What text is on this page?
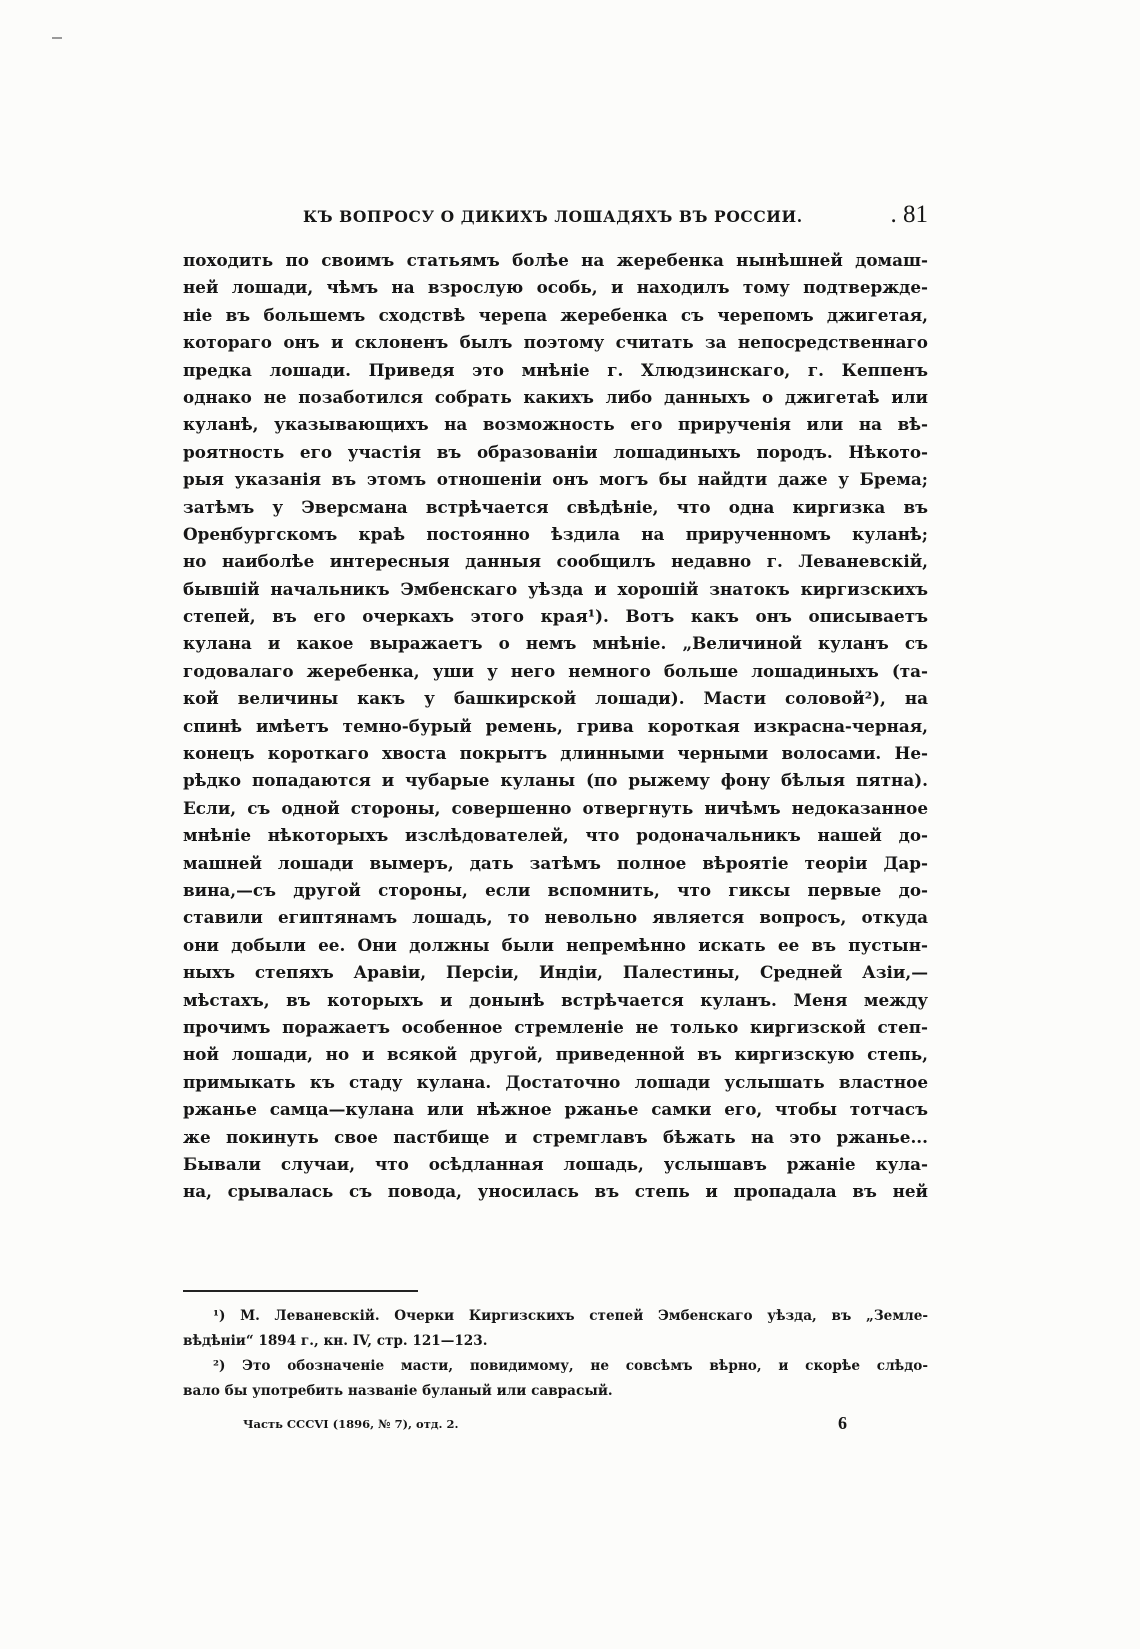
КЪ ВОПРОСУ О ДИКИХЪ ЛОШАДЯХЪ ВЪ РОССИИ.	. 81
походить по своимъ статьямъ болѣе на жеребенка нынѣшней домаш-
ней лошади, чѣмъ на взрослую особь, и находилъ тому подтвержде-
ніе въ большемъ сходствѣ черепа жеребенка съ черепомъ джигетая,
котораго онъ и склоненъ былъ поэтому считать за непосредственнаго
предка лошади. Приведя это мнѣніе г. Хлюдзинскаго, г. Кеппенъ
однако не позаботился собрать какихъ либо данныхъ о джигетаѣ или
куланѣ, указывающихъ на возможность его прирученія или на вѣ-
роятность его участія въ образованіи лошадиныхъ породъ. Нѣкото-
рыя указанія въ этомъ отношеніи онъ могъ бы найдти даже у Брема;
затѣмъ у Эверсмана встрѣчается свѣдѣніе, что одна киргизка въ
Оренбургскомъ краѣ постоянно ѣздила на прирученномъ куланѣ;
но наиболѣе интересныя данныя сообщилъ недавно г. Леваневскій,
бывшій начальникъ Эмбенскаго уѣзда и хорошій знатокъ киргизскихъ
степей, въ его очеркахъ этого края¹). Вотъ какъ онъ описываетъ
кулана и какое выражаетъ о немъ мнѣніе. „Величиной куланъ съ
годовалаго жеребенка, уши у него немного больше лошадиныхъ (та-
кой величины какъ у башкирской лошади). Масти соловой²), на
спинѣ имѣетъ темно-бурый ремень, грива короткая изкрасна-черная,
конецъ короткаго хвоста покрытъ длинными черными волосами. Не-
рѣдко попадаются и чубарые куланы (по рыжему фону бѣлыя пятна).
Если, съ одной стороны, совершенно отвергнуть ничѣмъ недоказанное
мнѣніе нѣкоторыхъ изслѣдователей, что родоначальникъ нашей до-
машней лошади вымеръ, дать затѣмъ полное вѣроятіе теоріи Дар-
вина,—съ другой стороны, если вспомнить, что гиксы первые до-
ставили египтянамъ лошадь, то невольно является вопросъ, откуда
они добыли ее. Они должны были непремѣнно искать ее въ пустын-
ныхъ степяхъ Аравіи, Персіи, Индіи, Палестины, Средней Азіи,—
мѣстахъ, въ которыхъ и донынѣ встрѣчается куланъ. Меня между
прочимъ поражаетъ особенное стремленіе не только киргизской степ-
ной лошади, но и всякой другой, приведенной въ киргизскую степь,
примыкать къ стаду кулана. Достаточно лошади услышать властное
ржанье самца—кулана или нѣжное ржанье самки его, чтобы тотчасъ
же покинуть свое пастбище и стремглавъ бѣжать на это ржанье...
Бывали случаи, что осѣдланная лошадь, услышавъ ржаніе кула-
на, срывалась съ повода, уносилась въ степь и пропадала въ ней
¹) М. Леваневскій. Очерки Киргизскихъ степей Эмбенскаго уѣзда, въ „Земле-
вѣдѣніи“ 1894 г., кн. IV, стр. 121—123.
²) Это обозначеніе масти, повидимому, не совсѣмъ вѣрно, и скорѣе слѣдо-
вало бы употребить названіе буланый или саврасый.
Часть СССVI (1896, № 7), отд. 2.	6
